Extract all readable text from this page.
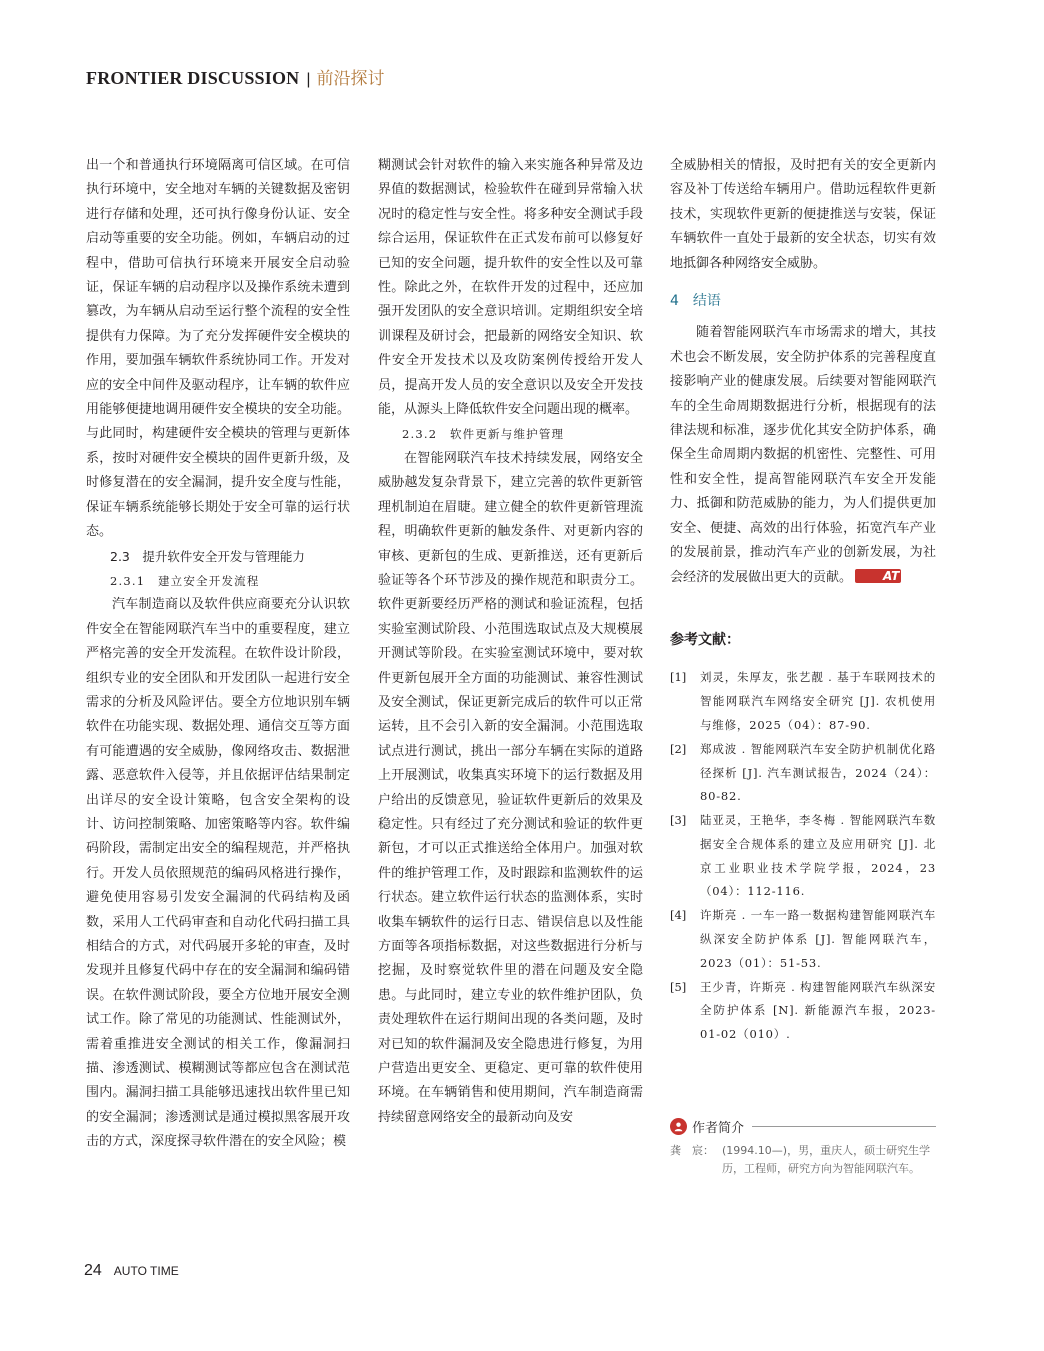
FRONTIER DISCUSSION | 前沿探讨

出一个和普通执行环境隔离可信区域。在可信执行环境中，安全地对车辆的关键数据及密钥进行存储和处理，还可执行像身份认证、安全启动等重要的安全功能。例如，车辆启动的过程中，借助可信执行环境来开展安全启动验证，保证车辆的启动程序以及操作系统未遭到篡改，为车辆从启动至运行整个流程的安全性提供有力保障。为了充分发挥硬件安全模块的作用，要加强车辆软件系统协同工作。开发对应的安全中间件及驱动程序，让车辆的软件应用能够便捷地调用硬件安全模块的安全功能。与此同时，构建硬件安全模块的管理与更新体系，按时对硬件安全模块的固件更新升级，及时修复潜在的安全漏洞，提升安全度与性能，保证车辆系统能够长期处于安全可靠的运行状态。

2.3　提升软件安全开发与管理能力

2.3.1　建立安全开发流程

汽车制造商以及软件供应商要充分认识软件安全在智能网联汽车当中的重要程度，建立严格完善的安全开发流程。在软件设计阶段，组织专业的安全团队和开发团队一起进行安全需求的分析及风险评估。要全方位地识别车辆软件在功能实现、数据处理、通信交互等方面有可能遭遇的安全威胁，像网络攻击、数据泄露、恶意软件入侵等，并且依据评估结果制定出详尽的安全设计策略，包含安全架构的设计、访问控制策略、加密策略等内容。软件编码阶段，需制定出安全的编程规范，并严格执行。开发人员依照规范的编码风格进行操作，避免使用容易引发安全漏洞的代码结构及函数，采用人工代码审查和自动化代码扫描工具相结合的方式，对代码展开多轮的审查，及时发现并且修复代码中存在的安全漏洞和编码错误。在软件测试阶段，要全方位地开展安全测试工作。除了常见的功能测试、性能测试外，需着重推进安全测试的相关工作，像漏洞扫描、渗透测试、模糊测试等都应包含在测试范围内。漏洞扫描工具能够迅速找出软件里已知的安全漏洞；渗透测试是通过模拟黑客展开攻击的方式，深度探寻软件潜在的安全风险；模

糊测试会针对软件的输入来实施各种异常及边界值的数据测试，检验软件在碰到异常输入状况时的稳定性与安全性。将多种安全测试手段综合运用，保证软件在正式发布前可以修复好已知的安全问题，提升软件的安全性以及可靠性。除此之外，在软件开发的过程中，还应加强开发团队的安全意识培训。定期组织安全培训课程及研讨会，把最新的网络安全知识、软件安全开发技术以及攻防案例传授给开发人员，提高开发人员的安全意识以及安全开发技能，从源头上降低软件安全问题出现的概率。

2.3.2　软件更新与维护管理

在智能网联汽车技术持续发展，网络安全威胁越发复杂背景下，建立完善的软件更新管理机制迫在眉睫。建立健全的软件更新管理流程，明确软件更新的触发条件、对更新内容的审核、更新包的生成、更新推送，还有更新后验证等各个环节涉及的操作规范和职责分工。软件更新要经历严格的测试和验证流程，包括实验室测试阶段、小范围选取试点及大规模展开测试等阶段。在实验室测试环境中，要对软件更新包展开全方面的功能测试、兼容性测试及安全测试，保证更新完成后的软件可以正常运转，且不会引入新的安全漏洞。小范围选取试点进行测试，挑出一部分车辆在实际的道路上开展测试，收集真实环境下的运行数据及用户给出的反馈意见，验证软件更新后的效果及稳定性。只有经过了充分测试和验证的软件更新包，才可以正式推送给全体用户。加强对软件的维护管理工作，及时跟踪和监测软件的运行状态。建立软件运行状态的监测体系，实时收集车辆软件的运行日志、错误信息以及性能方面等各项指标数据，对这些数据进行分析与挖掘，及时察觉软件里的潜在问题及安全隐患。与此同时，建立专业的软件维护团队，负责处理软件在运行期间出现的各类问题，及时对已知的软件漏洞及安全隐患进行修复，为用户营造出更安全、更稳定、更可靠的软件使用环境。在车辆销售和使用期间，汽车制造商需持续留意网络安全的最新动向及安

全威胁相关的情报，及时把有关的安全更新内容及补丁传送给车辆用户。借助远程软件更新技术，实现软件更新的便捷推送与安装，保证车辆软件一直处于最新的安全状态，切实有效地抵御各种网络安全威胁。

4　结语

随着智能网联汽车市场需求的增大，其技术也会不断发展，安全防护体系的完善程度直接影响产业的健康发展。后续要对智能网联汽车的全生命周期数据进行分析，根据现有的法律法规和标准，逐步优化其安全防护体系，确保全生命周期内数据的机密性、完整性、可用性和安全性，提高智能网联汽车安全开发能力、抵御和防范威胁的能力，为人们提供更加安全、便捷、高效的出行体验，拓宽汽车产业的发展前景，推动汽车产业的创新发展，为社会经济的发展做出更大的贡献。	AT

参考文献：

[1]	刘灵，朱厚友，张艺靓 . 基于车联网技术的智能网联汽车网络安全研究 [J]. 农机使用与维修，2025（04）：87-90.
[2]	郑成波 . 智能网联汽车安全防护机制优化路径探析 [J]. 汽车测试报告，2024（24）：80-82.
[3]	陆亚灵，王艳华，李冬梅 . 智能网联汽车数据安全合规体系的建立及应用研究 [J]. 北京工业职业技术学院学报，2024，23（04）：112-116.
[4]	许斯亮 . 一车一路一数据构建智能网联汽车纵深安全防护体系 [J]. 智能网联汽车，2023（01）：51-53.
[5]	王少青，许斯亮 . 构建智能网联汽车纵深安全防护体系 [N]. 新能源汽车报，2023-01-02（010）.
作者简介
龚　宸： (1994.10—)，男，重庆人，硕士研究生学历，工程师，研究方向为智能网联汽车。
24 AUTO TIME
